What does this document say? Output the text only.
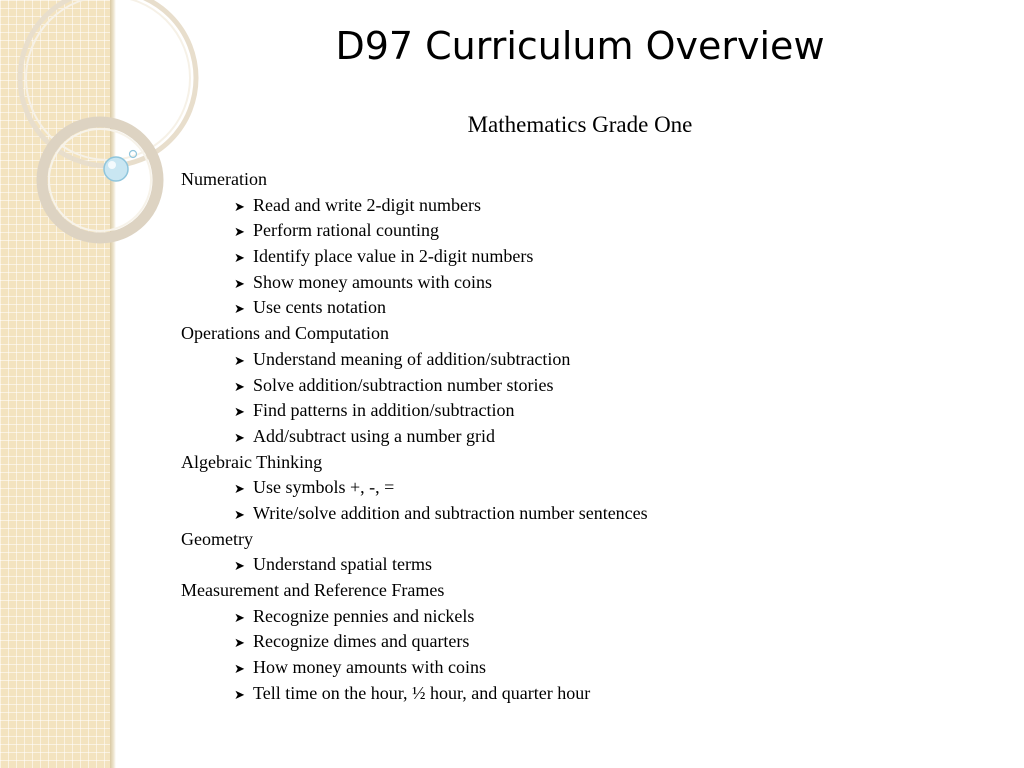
D97 Curriculum Overview
Mathematics Grade One
Numeration
➤ Read and write 2-digit numbers
➤ Perform rational counting
➤ Identify place value in 2-digit numbers
➤ Show money amounts with coins
➤ Use cents notation
Operations and Computation
➤ Understand meaning of addition/subtraction
➤ Solve addition/subtraction number stories
➤ Find patterns in addition/subtraction
➤ Add/subtract using a number grid
Algebraic Thinking
➤ Use symbols +, -, =
➤ Write/solve addition and subtraction number sentences
Geometry
➤ Understand spatial terms
Measurement and Reference Frames
➤ Recognize pennies and nickels
➤ Recognize dimes and quarters
➤ How money amounts with coins
➤ Tell time on the hour, ½ hour, and quarter hour
